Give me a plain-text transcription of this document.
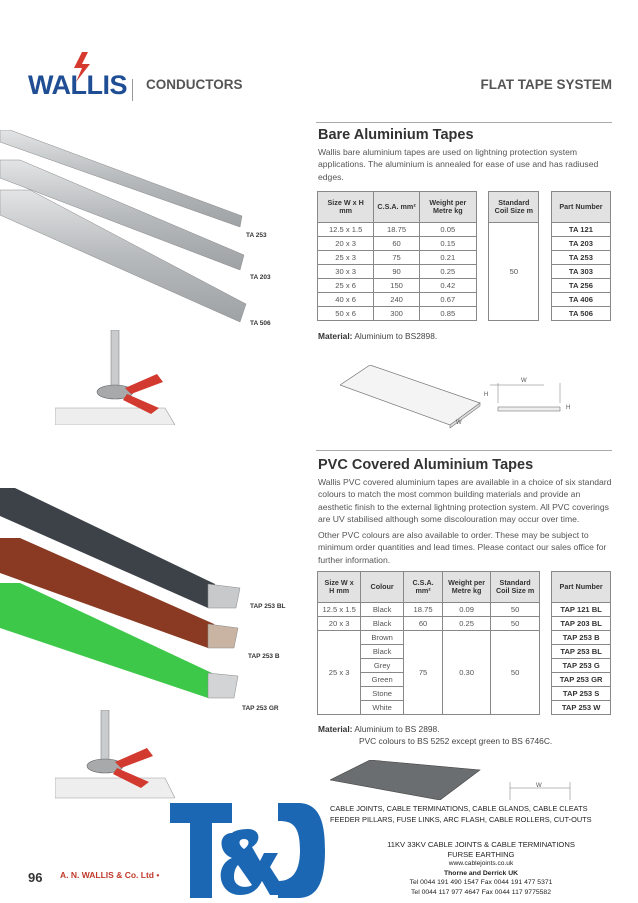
WALLIS CONDUCTORS	FLAT TAPE SYSTEM
TA 253
TA 203
TA 506
Bare Aluminium Tapes
Wallis bare aluminium tapes are used on lightning protection system applications. The aluminium is annealed for ease of use and has radiused edges.
Size W x H mm	C.S.A. mm²	Weight per Metre kg		Standard Coil Size m		Part Number
12.5 x 1.5	18.75	0.05		50		TA 121
20 x 3	60	0.15				TA 203
25 x 3	75	0.21				TA 253
30 x 3	90	0.25				TA 303
25 x 6	150	0.42				TA 256
40 x 6	240	0.67				TA 406
50 x 6	300	0.85				TA 506
Material: Aluminium to BS2898.
W
H
W
H
TAP 253 BL
TAP 253 B
TAP 253 GR
PVC Covered Aluminium Tapes
Wallis PVC covered aluminium tapes are available in a choice of six standard colours to match the most common building materials and provide an aesthetic finish to the external lightning protection system. All PVC coverings are UV stabilised although some discolouration may occur over time.
Other PVC colours are also available to order. These may be subject to minimum order quantities and lead times. Please contact our sales office for further information.
Size W x H mm	Colour	C.S.A. mm²	Weight per Metre kg	Standard Coil Size m		Part Number
12.5 x 1.5	Black	18.75	0.09	50		TAP 121 BL
20 x 3	Black	60	0.25	50		TAP 203 BL
25 x 3	Brown	75	0.30	50		TAP 253 B
	Black					TAP 253 BL
	Grey					TAP 253 G
	Green					TAP 253 GR
	Stone					TAP 253 S
	White					TAP 253 W
Material: Aluminium to BS 2898.
PVC colours to BS 5252 except green to BS 6746C.
W
CABLE JOINTS, CABLE TERMINATIONS, CABLE GLANDS, CABLE CLEATS
FEEDER PILLARS, FUSE LINKS, ARC FLASH, CABLE ROLLERS, CUT-OUTS
11KV 33KV CABLE JOINTS & CABLE TERMINATIONS
FURSE EARTHING
www.cablejoints.co.uk
Thorne and Derrick UK
Tel 0044 191 490 1547 Fax 0044 191 477 5371
Tel 0044 117 977 4647 Fax 0044 117 9775582
96 A. N. WALLIS & Co. Ltd •
